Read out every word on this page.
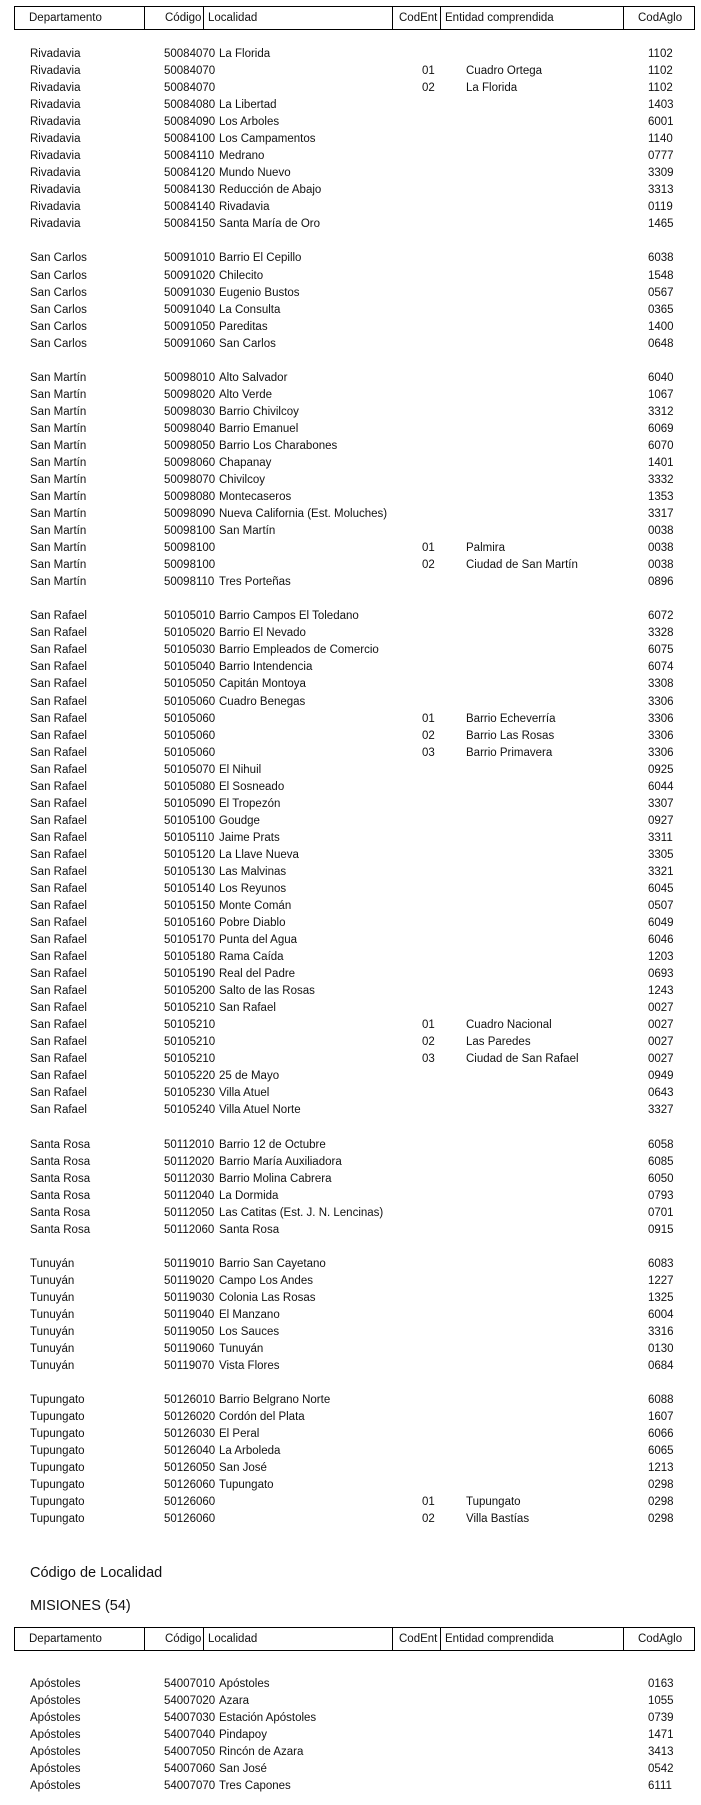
Departamento	Código Localidad	CodEnt Entidad comprendida	CodAglo
Rivadavia	50084070 La Florida	1102
Rivadavia	50084070	01	Cuadro Ortega	1102
Rivadavia	50084070	02	La Florida	1102
Rivadavia	50084080 La Libertad	1403
Rivadavia	50084090 Los Arboles	6001
Rivadavia	50084100 Los Campamentos	1140
Rivadavia	50084110 Medrano	0777
Rivadavia	50084120 Mundo Nuevo	3309
Rivadavia	50084130 Reducción de Abajo	3313
Rivadavia	50084140 Rivadavia	0119
Rivadavia	50084150 Santa María de Oro	1465
San Carlos	50091010 Barrio El Cepillo	6038
San Carlos	50091020 Chilecito	1548
San Carlos	50091030 Eugenio Bustos	0567
San Carlos	50091040 La Consulta	0365
San Carlos	50091050 Pareditas	1400
San Carlos	50091060 San Carlos	0648
San Martín	50098010 Alto Salvador	6040
San Martín	50098020 Alto Verde	1067
San Martín	50098030 Barrio Chivilcoy	3312
San Martín	50098040 Barrio Emanuel	6069
San Martín	50098050 Barrio Los Charabones	6070
San Martín	50098060 Chapanay	1401
San Martín	50098070 Chivilcoy	3332
San Martín	50098080 Montecaseros	1353
San Martín	50098090 Nueva California (Est. Moluches)	3317
San Martín	50098100 San Martín	0038
San Martín	50098100	01	Palmira	0038
San Martín	50098100	02	Ciudad de San Martín	0038
San Martín	50098110 Tres Porteñas	0896
San Rafael	50105010 Barrio Campos El Toledano	6072
San Rafael	50105020 Barrio El Nevado	3328
San Rafael	50105030 Barrio Empleados de Comercio	6075
San Rafael	50105040 Barrio Intendencia	6074
San Rafael	50105050 Capitán Montoya	3308
San Rafael	50105060 Cuadro Benegas	3306
San Rafael	50105060	01	Barrio Echeverría	3306
San Rafael	50105060	02	Barrio Las Rosas	3306
San Rafael	50105060	03	Barrio Primavera	3306
San Rafael	50105070 El Nihuil	0925
San Rafael	50105080 El Sosneado	6044
San Rafael	50105090 El Tropezón	3307
San Rafael	50105100 Goudge	0927
San Rafael	50105110 Jaime Prats	3311
San Rafael	50105120 La Llave Nueva	3305
San Rafael	50105130 Las Malvinas	3321
San Rafael	50105140 Los Reyunos	6045
San Rafael	50105150 Monte Comán	0507
San Rafael	50105160 Pobre Diablo	6049
San Rafael	50105170 Punta del Agua	6046
San Rafael	50105180 Rama Caída	1203
San Rafael	50105190 Real del Padre	0693
San Rafael	50105200 Salto de las Rosas	1243
San Rafael	50105210 San Rafael	0027
San Rafael	50105210	01	Cuadro Nacional	0027
San Rafael	50105210	02	Las Paredes	0027
San Rafael	50105210	03	Ciudad de San Rafael	0027
San Rafael	50105220 25 de Mayo	0949
San Rafael	50105230 Villa Atuel	0643
San Rafael	50105240 Villa Atuel Norte	3327
Santa Rosa	50112010 Barrio 12 de Octubre	6058
Santa Rosa	50112020 Barrio María Auxiliadora	6085
Santa Rosa	50112030 Barrio Molina Cabrera	6050
Santa Rosa	50112040 La Dormida	0793
Santa Rosa	50112050 Las Catitas (Est. J. N. Lencinas)	0701
Santa Rosa	50112060 Santa Rosa	0915
Tunuyán	50119010 Barrio San Cayetano	6083
Tunuyán	50119020 Campo Los Andes	1227
Tunuyán	50119030 Colonia Las Rosas	1325
Tunuyán	50119040 El Manzano	6004
Tunuyán	50119050 Los Sauces	3316
Tunuyán	50119060 Tunuyán	0130
Tunuyán	50119070 Vista Flores	0684
Tupungato	50126010 Barrio Belgrano Norte	6088
Tupungato	50126020 Cordón del Plata	1607
Tupungato	50126030 El Peral	6066
Tupungato	50126040 La Arboleda	6065
Tupungato	50126050 San José	1213
Tupungato	50126060 Tupungato	0298
Tupungato	50126060	01	Tupungato	0298
Tupungato	50126060	02	Villa Bastías	0298
Código de Localidad
MISIONES (54)
Departamento	Código Localidad	CodEnt Entidad comprendida	CodAglo
Apóstoles	54007010 Apóstoles	0163
Apóstoles	54007020 Azara	1055
Apóstoles	54007030 Estación Apóstoles	0739
Apóstoles	54007040 Pindapoy	1471
Apóstoles	54007050 Rincón de Azara	3413
Apóstoles	54007060 San José	0542
Apóstoles	54007070 Tres Capones	6111
